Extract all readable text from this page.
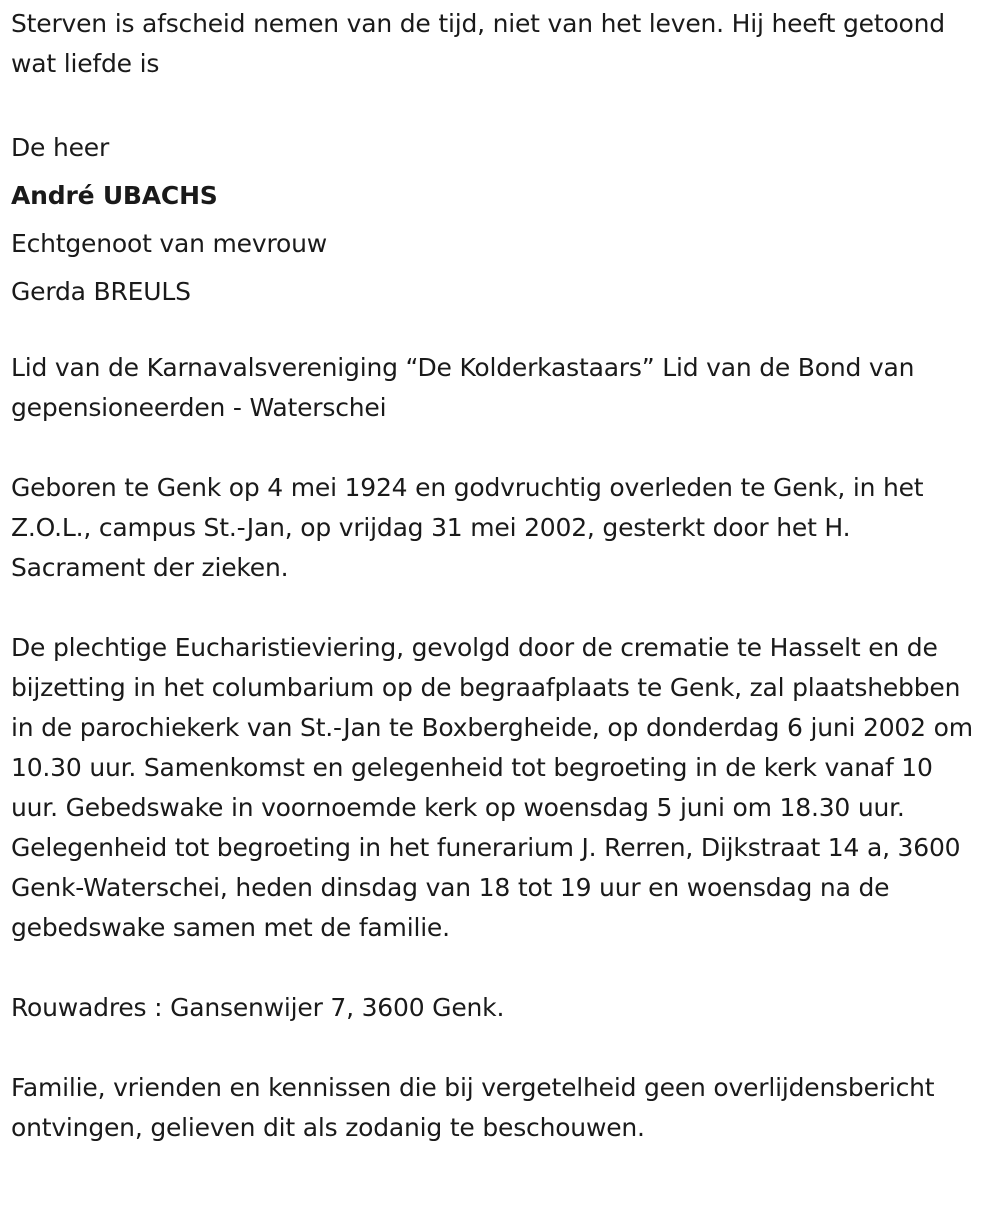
Sterven is afscheid nemen van de tijd, niet van het leven. Hij heeft getoond wat liefde is

De heer

André UBACHS

Echtgenoot van mevrouw

Gerda BREULS

Lid van de Karnavalsvereniging “De Kolderkastaars” Lid van de Bond van gepensioneerden - Waterschei

Geboren te Genk op 4 mei 1924 en godvruchtig overleden te Genk, in het Z.O.L., campus St.-Jan, op vrijdag 31 mei 2002, gesterkt door het H. Sacrament der zieken.

De plechtige Eucharistieviering, gevolgd door de crematie te Hasselt en de bijzetting in het columbarium op de begraafplaats te Genk, zal plaatshebben in de parochiekerk van St.-Jan te Boxbergheide, op donderdag 6 juni 2002 om 10.30 uur. Samenkomst en gelegenheid tot begroeting in de kerk vanaf 10 uur. Gebedswake in voornoemde kerk op woensdag 5 juni om 18.30 uur. Gelegenheid tot begroeting in het funerarium J. Rerren, Dijkstraat 14 a, 3600 Genk-Waterschei, heden dinsdag van 18 tot 19 uur en woensdag na de gebedswake samen met de familie.

Rouwadres : Gansenwijer 7, 3600 Genk.

Familie, vrienden en kennissen die bij vergetelheid geen overlijdensbericht ontvingen, gelieven dit als zodanig te beschouwen.
